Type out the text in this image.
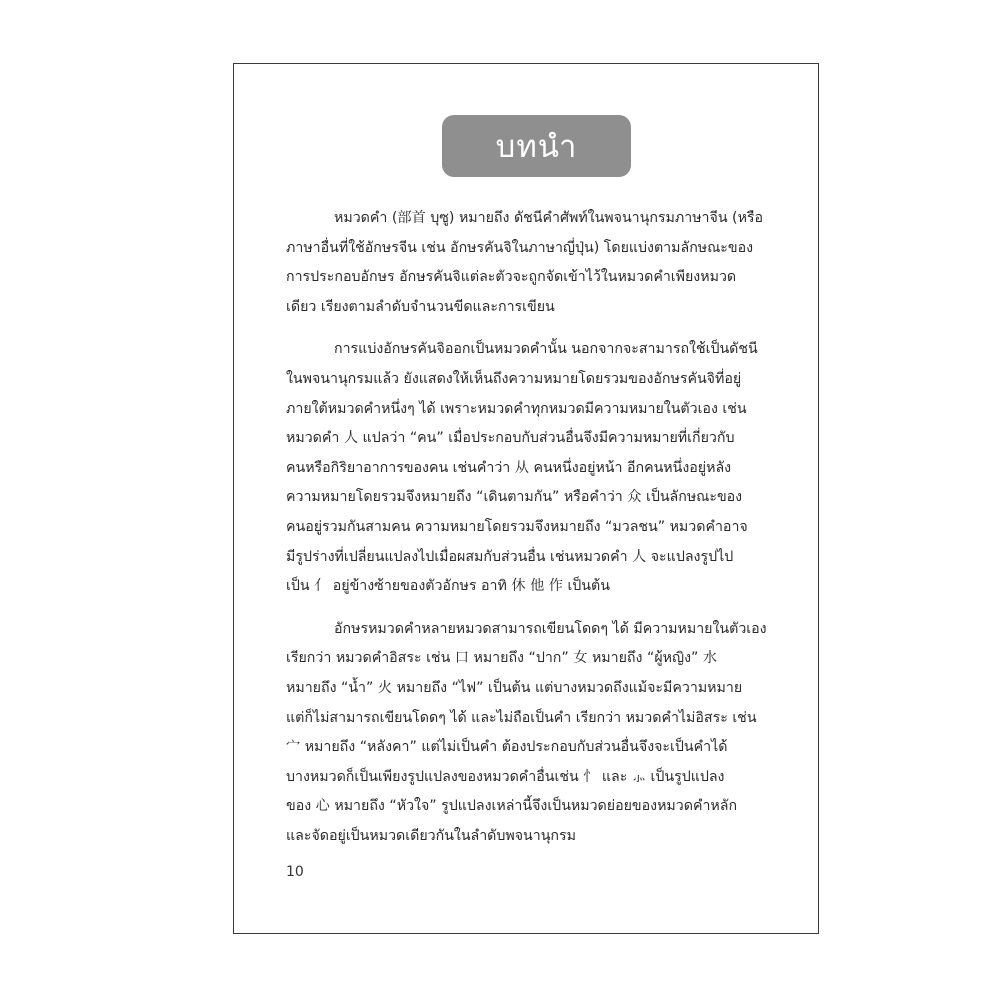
บทนำ

หมวดคำ (部首 บุซู) หมายถึง ดัชนีคำศัพท์ในพจนานุกรมภาษาจีน (หรือ
ภาษาอื่นที่ใช้อักษรจีน เช่น อักษรคันจิในภาษาญี่ปุ่น) โดยแบ่งตามลักษณะของ
การประกอบอักษร อักษรคันจิแต่ละตัวจะถูกจัดเข้าไว้ในหมวดคำเพียงหมวด
เดียว เรียงตามลำดับจำนวนขีดและการเขียน

การแบ่งอักษรคันจิออกเป็นหมวดคำนั้น นอกจากจะสามารถใช้เป็นดัชนี
ในพจนานุกรมแล้ว ยังแสดงให้เห็นถึงความหมายโดยรวมของอักษรคันจิที่อยู่
ภายใต้หมวดคำหนึ่งๆ ได้ เพราะหมวดคำทุกหมวดมีความหมายในตัวเอง เช่น
หมวดคำ 人 แปลว่า “คน” เมื่อประกอบกับส่วนอื่นจึงมีความหมายที่เกี่ยวกับ
คนหรือกิริยาอาการของคน เช่นคำว่า 从 คนหนึ่งอยู่หน้า อีกคนหนึ่งอยู่หลัง
ความหมายโดยรวมจึงหมายถึง “เดินตามกัน” หรือคำว่า 众 เป็นลักษณะของ
คนอยู่รวมกันสามคน ความหมายโดยรวมจึงหมายถึง “มวลชน” หมวดคำอาจ
มีรูปร่างที่เปลี่ยนแปลงไปเมื่อผสมกับส่วนอื่น เช่นหมวดคำ 人 จะแปลงรูปไป
เป็น 亻 อยู่ข้างซ้ายของตัวอักษร อาทิ 休 他 作 เป็นต้น

อักษรหมวดคำหลายหมวดสามารถเขียนโดดๆ ได้ มีความหมายในตัวเอง
เรียกว่า หมวดคำอิสระ เช่น 口 หมายถึง “ปาก” 女 หมายถึง “ผู้หญิง” 水
หมายถึง “น้ำ” 火 หมายถึง “ไฟ” เป็นต้น แต่บางหมวดถึงแม้จะมีความหมาย
แต่ก็ไม่สามารถเขียนโดดๆ ได้ และไม่ถือเป็นคำ เรียกว่า หมวดคำไม่อิสระ เช่น
宀 หมายถึง “หลังคา” แต่ไม่เป็นคำ ต้องประกอบกับส่วนอื่นจึงจะเป็นคำได้
บางหมวดก็เป็นเพียงรูปแปลงของหมวดคำอื่นเช่น 忄 และ ⺗ เป็นรูปแปลง
ของ 心 หมายถึง “หัวใจ” รูปแปลงเหล่านี้จึงเป็นหมวดย่อยของหมวดคำหลัก
และจัดอยู่เป็นหมวดเดียวกันในลำดับพจนานุกรม

10
